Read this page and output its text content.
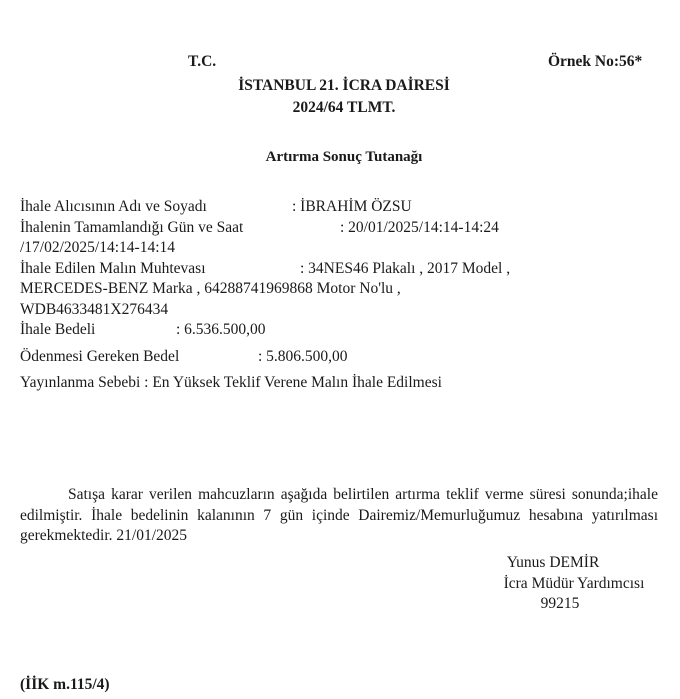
T.C.	Örnek No:56*
İSTANBUL 21. İCRA DAİRESİ
2024/64 TLMT.
Artırma Sonuç Tutanağı
İhale Alıcısının Adı ve Soyadı	: İBRAHİM ÖZSU
İhalenin Tamamlandığı Gün ve Saat	: 20/01/2025/14:14-14:24
/17/02/2025/14:14-14:14
İhale Edilen Malın Muhtevası	: 34NES46 Plakalı , 2017 Model ,
MERCEDES-BENZ Marka , 64288741969868 Motor No'lu ,
WDB4633481X276434
İhale Bedeli	: 6.536.500,00
Ödenmesi Gereken Bedel	: 5.806.500,00
Yayınlanma Sebebi : En Yüksek Teklif Verene Malın İhale Edilmesi
Satışa karar verilen mahcuzların aşağıda belirtilen artırma teklif verme süresi sonunda;ihale edilmiştir. İhale bedelinin kalanının 7 gün içinde Dairemiz/Memurluğumuz hesabına yatırılması gerekmektedir. 21/01/2025
Yunus DEMİR
İcra Müdür Yardımcısı
99215
(İİK m.115/4)
